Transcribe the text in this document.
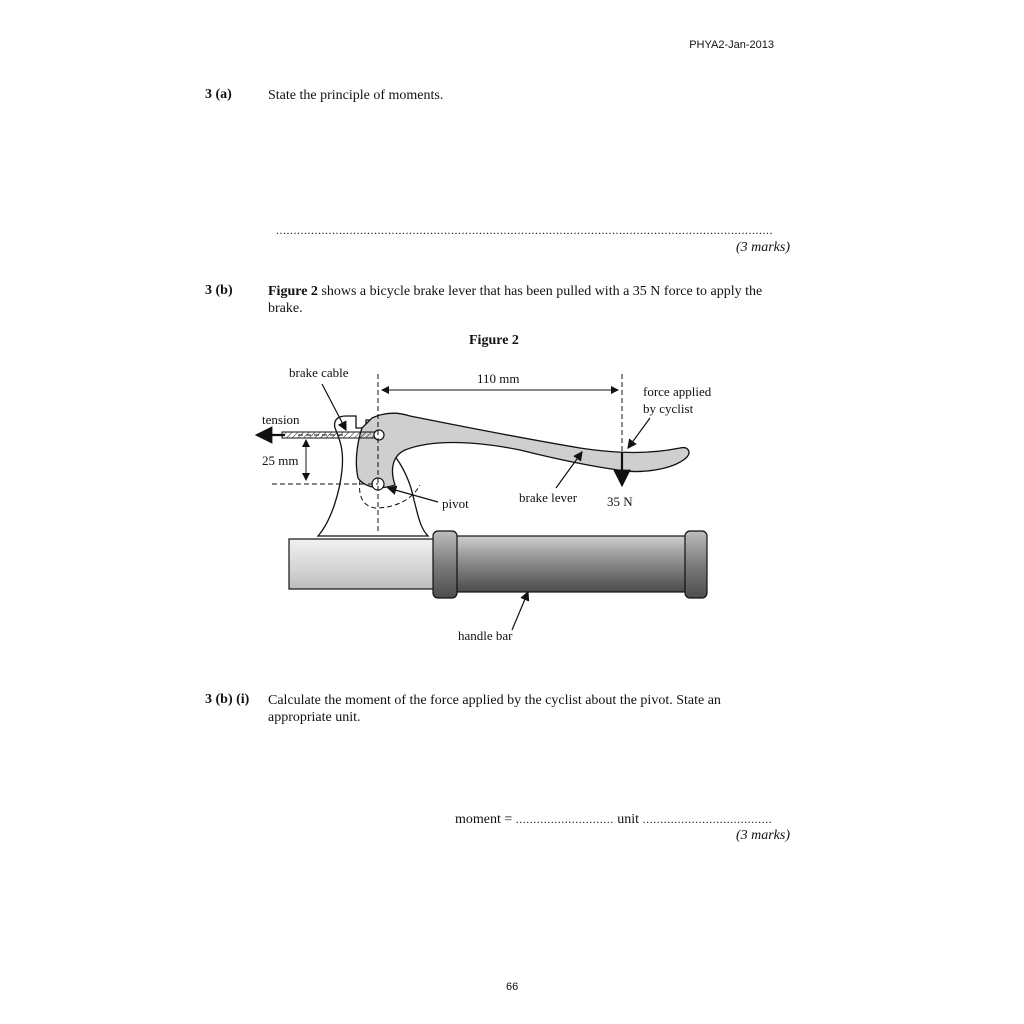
PHYA2-Jan-2013
3 (a)	State the principle of moments.
..............................................................................................................................................
(3 marks)
3 (b)	Figure 2 shows a bicycle brake lever that has been pulled with a 35 N force to apply the brake.
Figure 2
brake cable
tension
110 mm
force applied
by cyclist
25 mm
pivot	brake lever 35 N
handle bar
3 (b) (i) Calculate the moment of the force applied by the cyclist about the pivot. State an appropriate unit.
moment = ............................ unit .....................................
(3 marks)
66
